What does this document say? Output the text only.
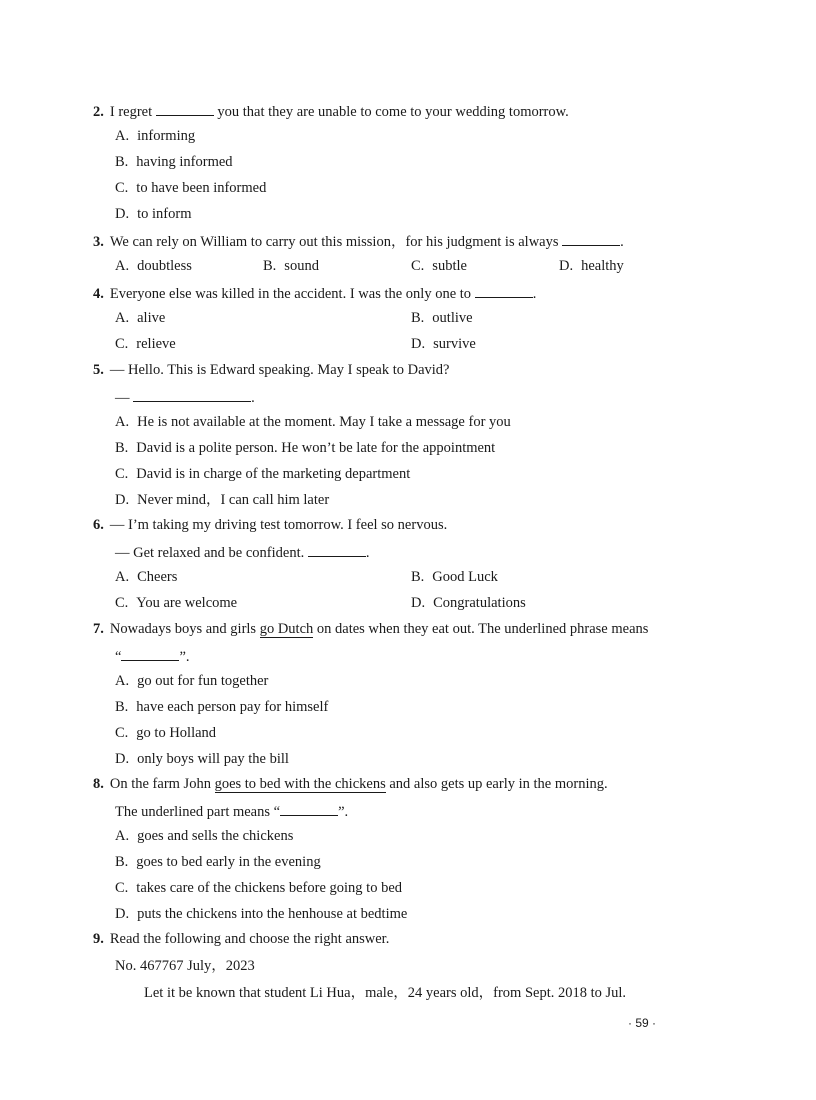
2. I regret	you that they are unable to come to your wedding tomorrow.
A. informing
B. having informed
C. to have been informed
D. to inform
3. We can rely on William to carry out this mission，for his judgment is always	.
A. doubtless	B. sound	C. subtle	D. healthy
4. Everyone else was killed in the accident. I was the only one to	.
A. alive	B. outlive
C. relieve	D. survive
5. — Hello. This is Edward speaking. May I speak to David?
—	.
A. He is not available at the moment. May I take a message for you
B. David is a polite person. He won’t be late for the appointment
C. David is in charge of the marketing department
D. Never mind，I can call him later
6. — I’m taking my driving test tomorrow. I feel so nervous.
— Get relaxed and be confident.	.
A. Cheers	B. Good Luck
C. You are welcome	D. Congratulations
7. Nowadays boys and girls go Dutch on dates when they eat out. The underlined phrase means
“	”.
A. go out for fun together
B. have each person pay for himself
C. go to Holland
D. only boys will pay the bill
8. On the farm John goes to bed with the chickens and also gets up early in the morning.
The underlined part means “	”.
A. goes and sells the chickens
B. goes to bed early in the evening
C. takes care of the chickens before going to bed
D. puts the chickens into the henhouse at bedtime
9. Read the following and choose the right answer.
No. 467767 July，2023
Let it be known that student Li Hua，male，24 years old，from Sept. 2018 to Jul.
· 59 ·
